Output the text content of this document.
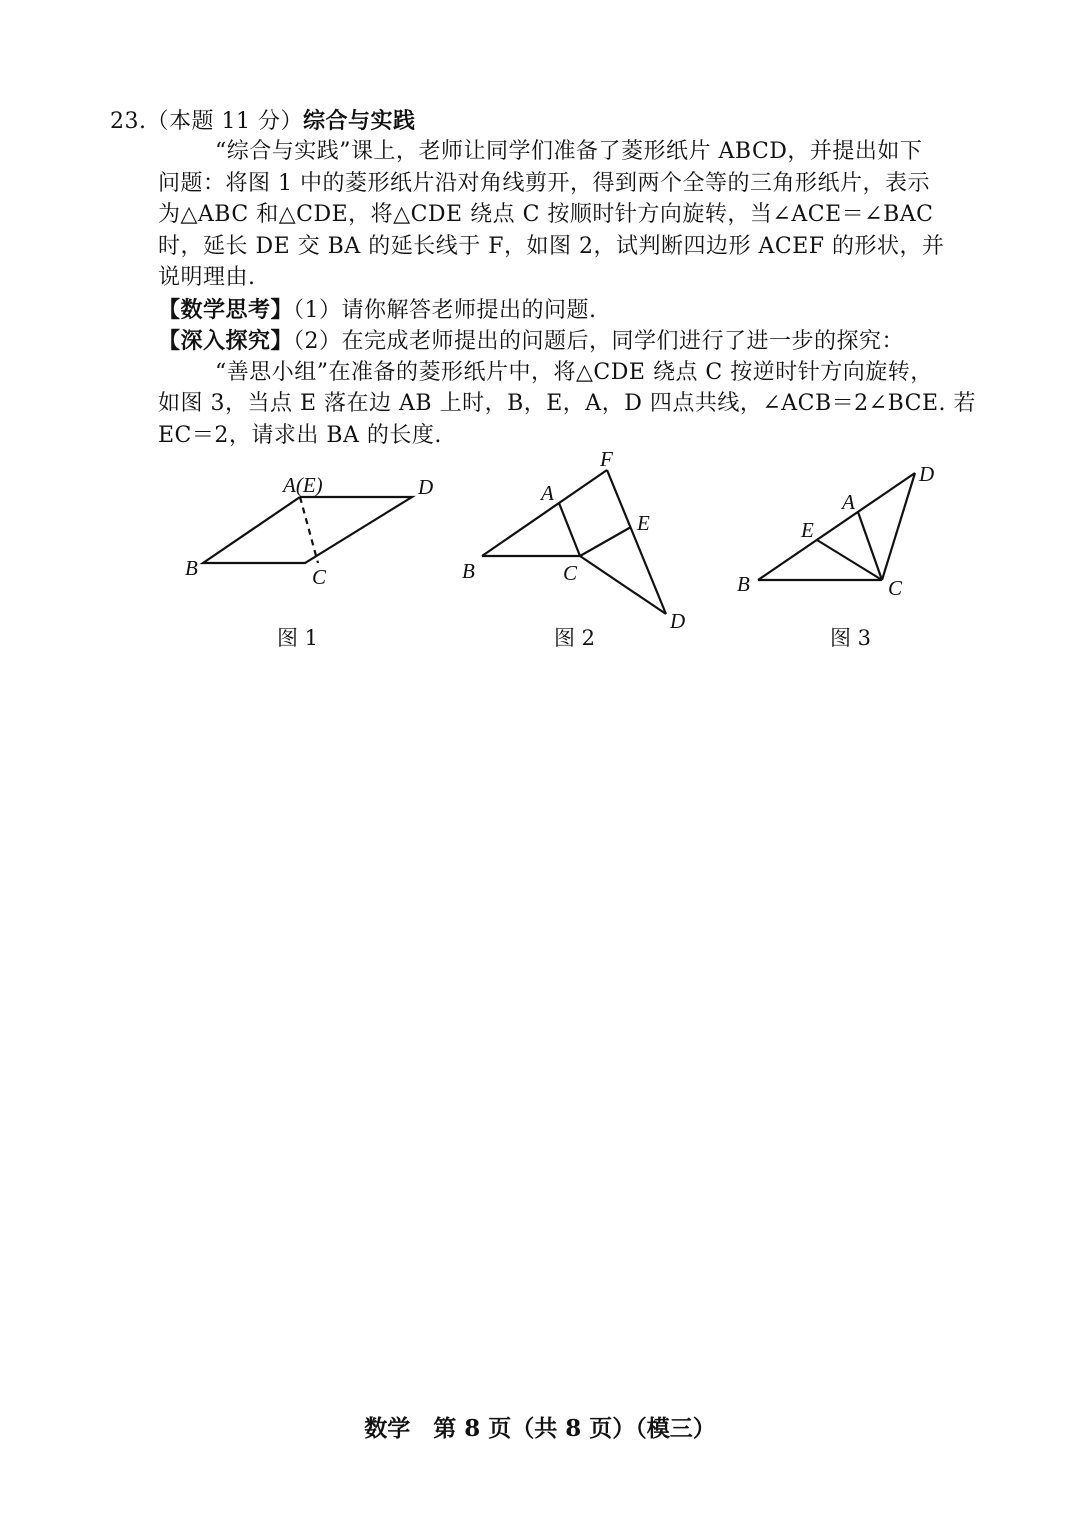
23.（本题 11 分）综合与实践
“综合与实践”课上，老师让同学们准备了菱形纸片 ABCD，并提出如下
问题：将图 1 中的菱形纸片沿对角线剪开，得到两个全等的三角形纸片，表示
为△ABC 和△CDE，将△CDE 绕点 C 按顺时针方向旋转，当∠ACE＝∠BAC
时，延长 DE 交 BA 的延长线于 F，如图 2，试判断四边形 ACEF 的形状，并
说明理由.
【数学思考】（1）请你解答老师提出的问题.
【深入探究】（2）在完成老师提出的问题后，同学们进行了进一步的探究：
“善思小组”在准备的菱形纸片中，将△CDE 绕点 C 按逆时针方向旋转，
如图 3，当点 E 落在边 AB 上时，B，E，A，D 四点共线，∠ACB＝2∠BCE. 若
EC＝2，请求出 BA 的长度.
A(E)	D
B	C
F
A
E
B	C
D
D
A
E
B	C
图 1	图 2	图 3
数学　第 8 页（共 8 页）（模三）
